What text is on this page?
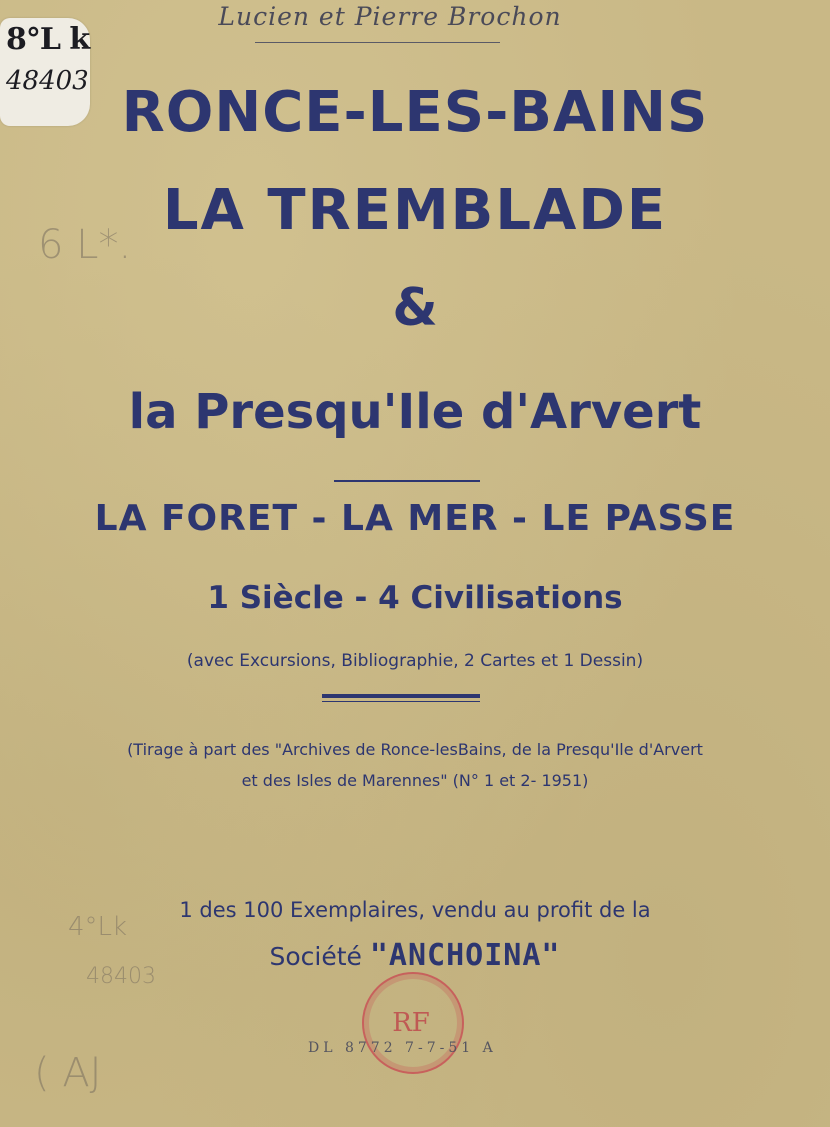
Lucien et Pierre Brochon
8°L k
48403
6 L*.
4°Lk
48403
( AJ
RONCE-LES-BAINS
LA TREMBLADE
&
la Presqu'Ile d'Arvert
LA FORET - LA MER - LE PASSE
1 Siècle - 4 Civilisations
(avec Excursions, Bibliographie, 2 Cartes et 1 Dessin)
(Tirage à part des "Archives de Ronce-lesBains, de la Presqu'Ile d'Arvert
et des Isles de Marennes" (N° 1 et 2- 1951)
1 des 100 Exemplaires, vendu au profit de la
Société "ANCHOINA"
RF
DL 8772 7-7-51 A
